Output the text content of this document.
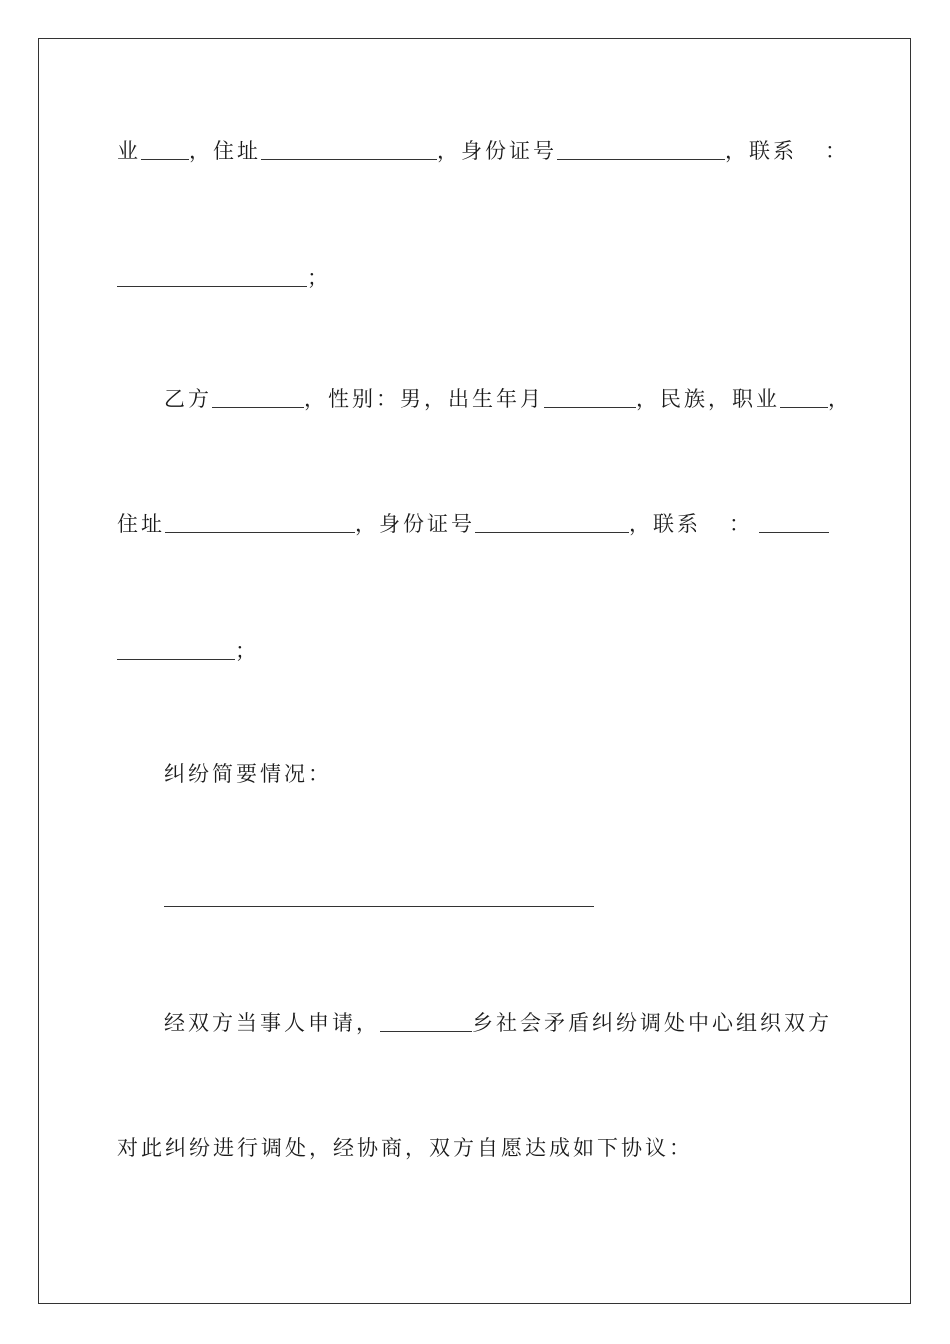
业 ，住址	，身份证号	，联系 ：
；
乙方	，性别：男，出生年月	，民族，职业 ，
住址	，身份证号	，联系 ：
；
纠纷简要情况：
经双方当事人申请，	乡社会矛盾纠纷调处中心组织双方
对此纠纷进行调处，经协商，双方自愿达成如下协议：
